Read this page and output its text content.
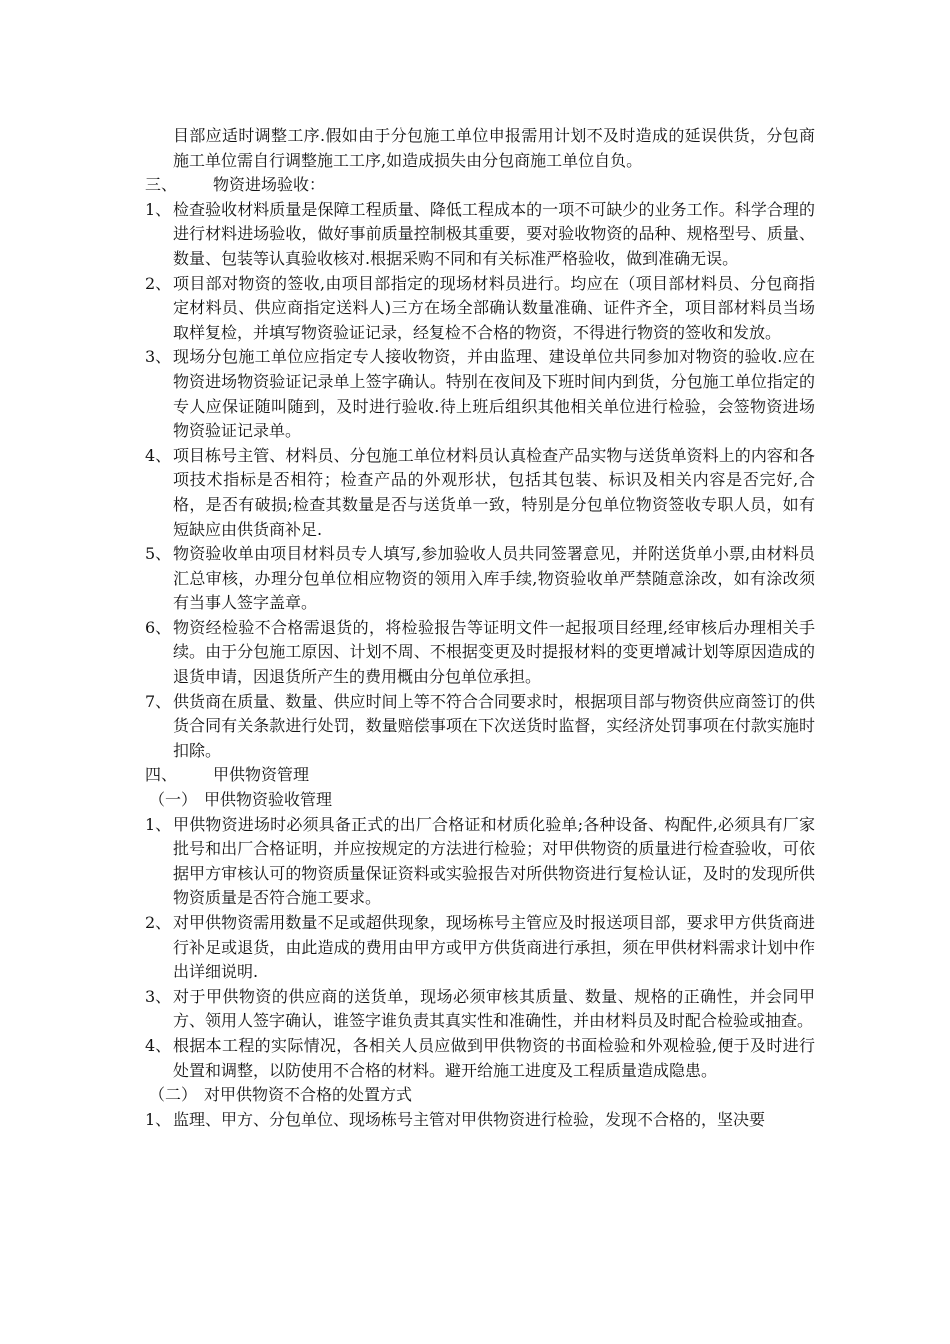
目部应适时调整工序.假如由于分包施工单位申报需用计划不及时造成的延误供货，分包商施工单位需自行调整施工工序,如造成损失由分包商施工单位自负。
三、	物资进场验收：
1、 检查验收材料质量是保障工程质量、降低工程成本的一项不可缺少的业务工作。科学合理的进行材料进场验收，做好事前质量控制极其重要，要对验收物资的品种、规格型号、质量、数量、包装等认真验收核对.根据采购不同和有关标准严格验收，做到准确无误。
2、 项目部对物资的签收,由项目部指定的现场材料员进行。均应在（项目部材料员、分包商指定材料员、供应商指定送料人)三方在场全部确认数量准确、证件齐全，项目部材料员当场取样复检，并填写物资验证记录，经复检不合格的物资，不得进行物资的签收和发放。
3、 现场分包施工单位应指定专人接收物资，并由监理、建设单位共同参加对物资的验收.应在物资进场物资验证记录单上签字确认。特别在夜间及下班时间内到货，分包施工单位指定的专人应保证随叫随到，及时进行验收.待上班后组织其他相关单位进行检验，会签物资进场物资验证记录单。
4、 项目栋号主管、材料员、分包施工单位材料员认真检查产品实物与送货单资料上的内容和各项技术指标是否相符；检查产品的外观形状，包括其包装、标识及相关内容是否完好,合格，是否有破损;检查其数量是否与送货单一致，特别是分包单位物资签收专职人员，如有短缺应由供货商补足.
5、 物资验收单由项目材料员专人填写,参加验收人员共同签署意见，并附送货单小票,由材料员汇总审核，办理分包单位相应物资的领用入库手续,物资验收单严禁随意涂改，如有涂改须有当事人签字盖章。
6、 物资经检验不合格需退货的，将检验报告等证明文件一起报项目经理,经审核后办理相关手续。由于分包施工原因、计划不周、不根据变更及时提报材料的变更增减计划等原因造成的退货申请，因退货所产生的费用概由分包单位承担。
7、 供货商在质量、数量、供应时间上等不符合合同要求时，根据项目部与物资供应商签订的供货合同有关条款进行处罚，数量赔偿事项在下次送货时监督，实经济处罚事项在付款实施时扣除。
四、	甲供物资管理
（一） 甲供物资验收管理
1、 甲供物资进场时必须具备正式的出厂合格证和材质化验单;各种设备、构配件,必须具有厂家批号和出厂合格证明，并应按规定的方法进行检验；对甲供物资的质量进行检查验收，可依据甲方审核认可的物资质量保证资料或实验报告对所供物资进行复检认证，及时的发现所供物资质量是否符合施工要求。
2、 对甲供物资需用数量不足或超供现象，现场栋号主管应及时报送项目部，要求甲方供货商进行补足或退货，由此造成的费用由甲方或甲方供货商进行承担，须在甲供材料需求计划中作出详细说明.
3、 对于甲供物资的供应商的送货单，现场必须审核其质量、数量、规格的正确性，并会同甲方、领用人签字确认，谁签字谁负责其真实性和准确性，并由材料员及时配合检验或抽查。
4、 根据本工程的实际情况，各相关人员应做到甲供物资的书面检验和外观检验,便于及时进行处置和调整，以防使用不合格的材料。避开给施工进度及工程质量造成隐患。
（二） 对甲供物资不合格的处置方式
1、 监理、甲方、分包单位、现场栋号主管对甲供物资进行检验，发现不合格的，坚决要
